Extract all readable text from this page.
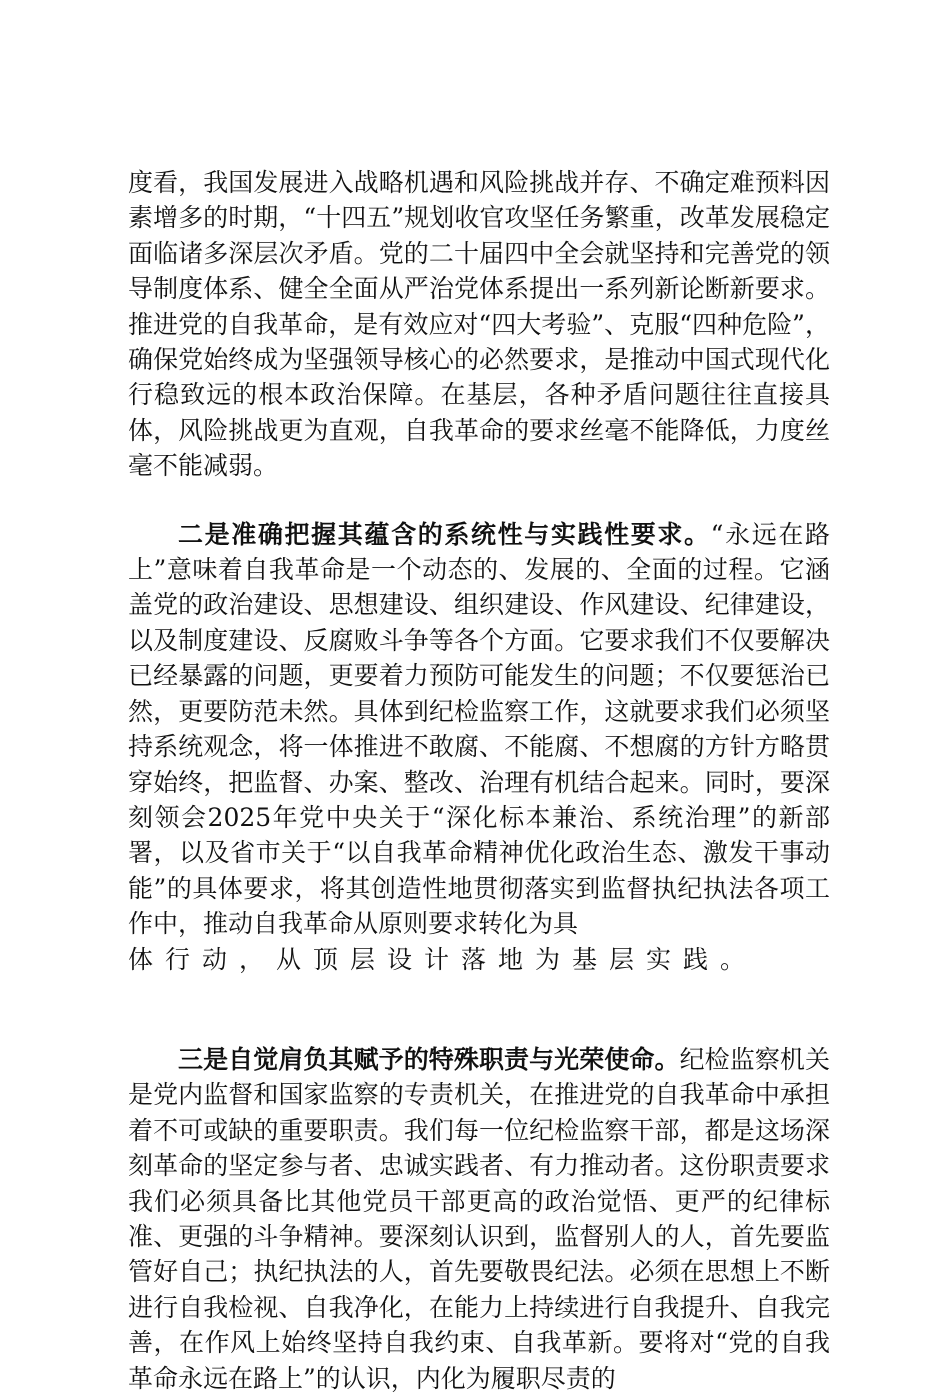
度看，我国发展进入战略机遇和风险挑战并存、不确定难预料因素增多的时期，“十四五”规划收官攻坚任务繁重，改革发展稳定面临诸多深层次矛盾。党的二十届四中全会就坚持和完善党的领导制度体系、健全全面从严治党体系提出一系列新论断新要求。推进党的自我革命，是有效应对“四大考验”、克服“四种危险”，确保党始终成为坚强领导核心的必然要求，是推动中国式现代化行稳致远的根本政治保障。在基层，各种矛盾问题往往直接具体，风险挑战更为直观，自我革命的要求丝毫不能降低，力度丝毫不能减弱。

二是准确把握其蕴含的系统性与实践性要求。“永远在路上”意味着自我革命是一个动态的、发展的、全面的过程。它涵盖党的政治建设、思想建设、组织建设、作风建设、纪律建设，以及制度建设、反腐败斗争等各个方面。它要求我们不仅要解决已经暴露的问题，更要着力预防可能发生的问题；不仅要惩治已然，更要防范未然。具体到纪检监察工作，这就要求我们必须坚持系统观念，将一体推进不敢腐、不能腐、不想腐的方针方略贯穿始终，把监督、办案、整改、治理有机结合起来。同时，要深刻领会2025年党中央关于“深化标本兼治、系统治理”的新部署，以及省市关于“以自我革命精神优化政治生态、激发干事动能”的具体要求，将其创造性地贯彻落实到监督执纪执法各项工作中，推动自我革命从原则要求转化为具
体行动，从顶层设计落地为基层实践。

三是自觉肩负其赋予的特殊职责与光荣使命。纪检监察机关是党内监督和国家监察的专责机关，在推进党的自我革命中承担着不可或缺的重要职责。我们每一位纪检监察干部，都是这场深刻革命的坚定参与者、忠诚实践者、有力推动者。这份职责要求我们必须具备比其他党员干部更高的政治觉悟、更严的纪律标准、更强的斗争精神。要深刻认识到，监督别人的人，首先要监管好自己；执纪执法的人，首先要敬畏纪法。必须在思想上不断进行自我检视、自我净化，在能力上持续进行自我提升、自我完善，在作风上始终坚持自我约束、自我革新。要将对“党的自我革命永远在路上”的认识，内化为履职尽责的
